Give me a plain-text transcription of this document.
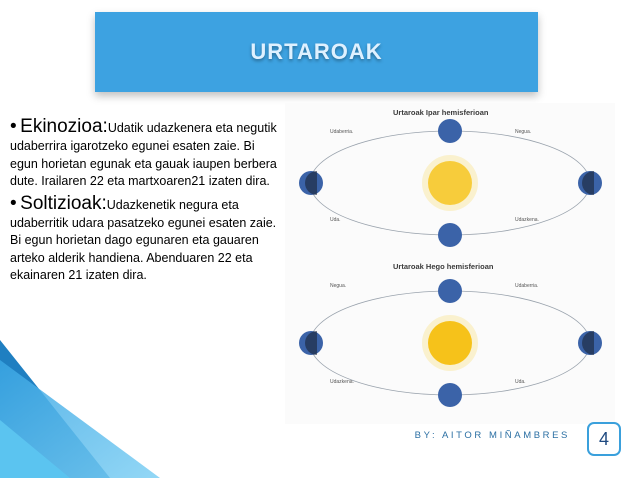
URTAROAK

• Ekinozioa:Udatik udazkenera eta negutik udaberrira igarotzeko egunei esaten zaie. Bi egun horietan egunak eta gauak iaupen berbera dute. Irailaren 22 eta martxoaren21 izaten dira.

• Soltizioak:Udazkenetik negura eta udaberritik udara pasatzeko egunei esaten zaie. Bi egun horietan dago egunaren eta gauaren arteko alderik handiena. Abenduaren 22 eta ekainaren 21 izaten dira.

Urtaroak Ipar hemisferioan
Udaberria.	Negua.
Uda.	Udazkena.
Urtaroak Hego hemisferioan
Negua.	Udaberria.
Udazkena.	Uda.
BY: AITOR MIÑAMBRES	4
